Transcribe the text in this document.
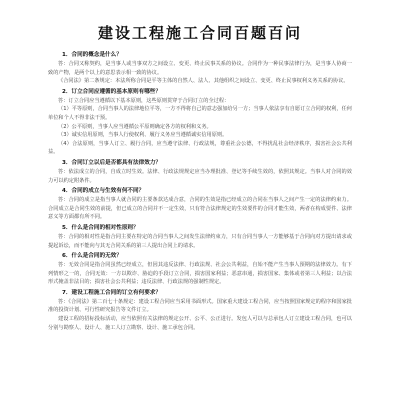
建设工程施工合同百题百问
1．合同的概念是什么？
答：合同又称契约，是当事人或当事双方之间设立、变更、终止民事关系的协议。合同作为一种民事法律行为，是当事人协商一致的产物，是两个以上的意思表示相一致的协议。
《合同法》第二条规定：本法所称合同是平等主体的自然人、法人、其他组织之间设立、变更、终止民事权利义务关系的协议。
2．订立合同应遵循的基本原则有哪些？
答：订立合同应当遵循以下基本原则，这些原则贯穿于合同订立的全过程：
（1）平等原则，合同当事人的法律地位平等，一方不得将自己的意志强加给另一方；当事人依法享有自愿订立合同的权利，任何单位和个人不得非法干预。
（2）公平原则，当事人应当遵循公平原则确定各方的权利和义务。
（3）诚实信用原则，当事人行使权利、履行义务应当遵循诚实信用原则。
（4）合法原则，当事人订立、履行合同，应当遵守法律、行政法规，尊重社会公德，不得扰乱社会经济秩序，损害社会公共利益。
3．合同订立以后是否都具有法律效力？
答：依法成立的合同，自成立时生效。法律、行政法规规定应当办理批准、登记等手续生效的，依照其规定。当事人对合同的效力可以约定附条件。
4．合同的成立与生效有何不同？
答：合同的成立是指当事人就合同的主要条款达成合意，合同的生效是指已经成立的合同在当事人之间产生一定的法律约束力。合同成立是合同生效的前提，但已成立的合同并不一定生效，只有符合法律规定的生效要件的合同才能生效，两者在构成要件、法律意义等方面都有所不同。
5．什么是合同的相对性原则？
答：合同的相对性是指合同主要在特定的合同当事人之间发生法律约束力，只有合同当事人一方能够基于合同向对方提出请求或提起诉讼，而不能向与其无合同关系的第三人提出合同上的请求。
6．什么是合同的无效？
答：无效合同是指合同虽然已经成立，但因其违反法律、行政法规、社会公共利益，自始不能产生当事人预期的法律效力。有下列情形之一的，合同无效：一方以欺诈、胁迫的手段订立合同，损害国家利益；恶意串通，损害国家、集体或者第三人利益；以合法形式掩盖非法目的；损害社会公共利益；违反法律、行政法规的强制性规定。
7．建设工程施工合同的订立有何要求？
答：《合同法》第二百七十条规定：建设工程合同应当采用书面形式。国家重大建设工程合同，应当按照国家规定的程序和国家批准的投资计划、可行性研究报告等文件订立。
建设工程的招标投标活动，应当依照有关法律的规定公开、公平、公正进行。发包人可以与总承包人订立建设工程合同，也可以分别与勘察人、设计人、施工人订立勘察、设计、施工承包合同。
